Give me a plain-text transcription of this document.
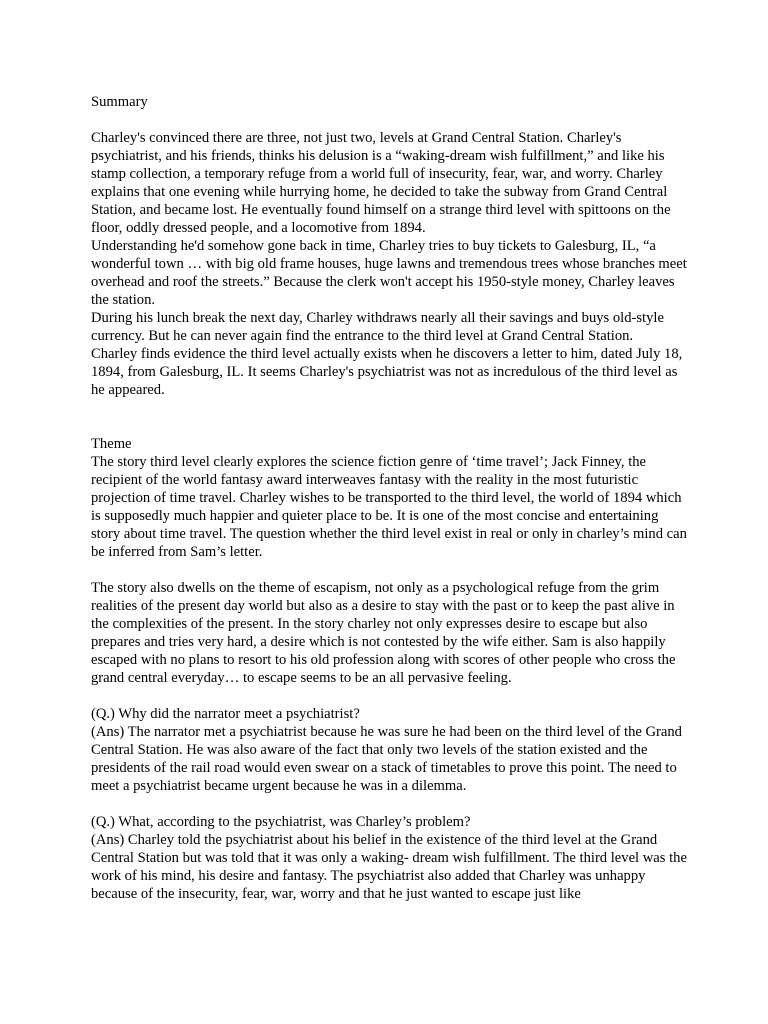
Summary

Charley's convinced there are three, not just two, levels at Grand Central Station. Charley's psychiatrist, and his friends, thinks his delusion is a “waking-dream wish fulfillment,” and like his stamp collection, a temporary refuge from a world full of insecurity, fear, war, and worry. Charley explains that one evening while hurrying home, he decided to take the subway from Grand Central Station, and became lost. He eventually found himself on a strange third level with spittoons on the floor, oddly dressed people, and a locomotive from 1894.

Understanding he'd somehow gone back in time, Charley tries to buy tickets to Galesburg, IL, “a wonderful town … with big old frame houses, huge lawns and tremendous trees whose branches meet overhead and roof the streets.” Because the clerk won't accept his 1950-style money, Charley leaves the station.

During his lunch break the next day, Charley withdraws nearly all their savings and buys old-style currency. But he can never again find the entrance to the third level at Grand Central Station.

Charley finds evidence the third level actually exists when he discovers a letter to him, dated July 18, 1894, from Galesburg, IL. It seems Charley's psychiatrist was not as incredulous of the third level as he appeared.

Theme

The story third level clearly explores the science fiction genre of ‘time travel’; Jack Finney, the recipient of the world fantasy award interweaves fantasy with the reality in the most futuristic projection of time travel. Charley wishes to be transported to the third level, the world of 1894 which is supposedly much happier and quieter place to be. It is one of the most concise and entertaining story about time travel. The question whether the third level exist in real or only in charley’s mind can be inferred from Sam’s letter.

The story also dwells on the theme of escapism, not only as a psychological refuge from the grim realities of the present day world but also as a desire to stay with the past or to keep the past alive in the complexities of the present. In the story charley not only expresses desire to escape but also prepares and tries very hard, a desire which is not contested by the wife either. Sam is also happily escaped with no plans to resort to his old profession along with scores of other people who cross the grand central everyday… to escape seems to be an all pervasive feeling.

(Q.) Why did the narrator meet a psychiatrist?

(Ans) The narrator met a psychiatrist because he was sure he had been on the third level of the Grand Central Station. He was also aware of the fact that only two levels of the station existed and the presidents of the rail road would even swear on a stack of timetables to prove this point. The need to meet a psychiatrist became urgent because he was in a dilemma.

(Q.) What, according to the psychiatrist, was Charley’s problem?

(Ans) Charley told the psychiatrist about his belief in the existence of the third level at the Grand Central Station but was told that it was only a waking- dream wish fulfillment. The third level was the work of his mind, his desire and fantasy. The psychiatrist also added that Charley was unhappy because of the insecurity, fear, war, worry and that he just wanted to escape just like
